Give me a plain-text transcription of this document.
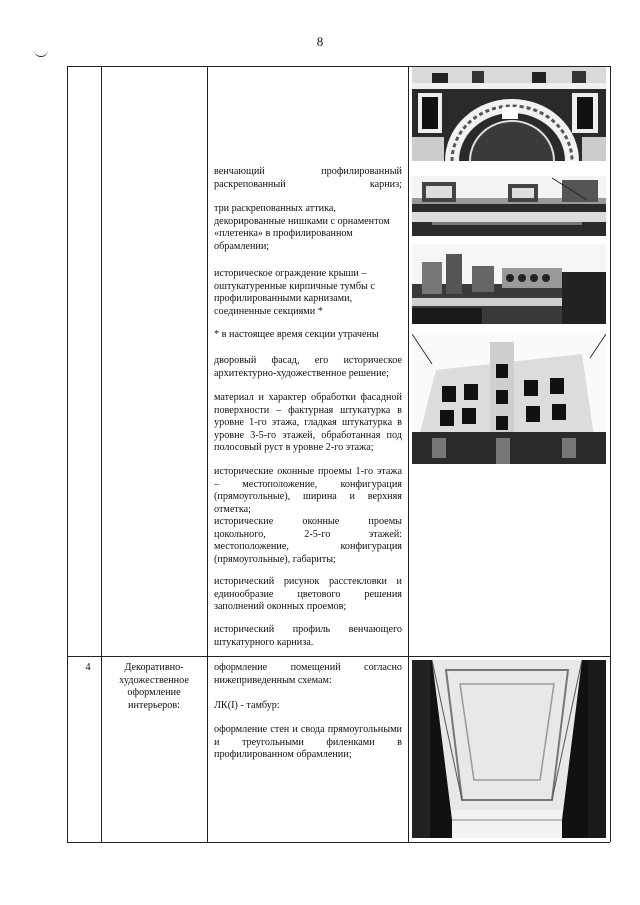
8
венчающий профилированный раскрепованный карниз;
три раскрепованных аттика, декорированные нишками с орнаментом «плетенка» в профилированном обрамлении;
историческое ограждение крыши – оштукатуренные кирпичные тумбы с профилированными карнизами, соединенные секциями *
* в настоящее время секции утрачены
дворовый фасад, его историческое архитектурно-художественное решение;
материал и характер обработки фасадной поверхности – фактурная штукатурка в уровне 1-го этажа, гладкая штукатурка в уровне 3-5-го этажей, обработанная под полосовый руст в уровне 2-го этажа;
исторические оконные проемы 1-го этажа – местоположение, конфигурация (прямоугольные), ширина и верхняя отметка;
исторические оконные проемы цокольного, 2-5-го этажей: местоположение, конфигурация (прямоугольные), габариты;
исторический рисунок расстекловки и единообразие цветового решения заполнений оконных проемов;
исторический профиль венчающего штукатурного карниза.
4	Декоративно-художественное оформление интерьеров:
оформление помещений согласно нижеприведенным схемам:
ЛК(I) - тамбур:
оформление стен и свода прямоугольными и треугольными филенками в профилированном обрамлении;
